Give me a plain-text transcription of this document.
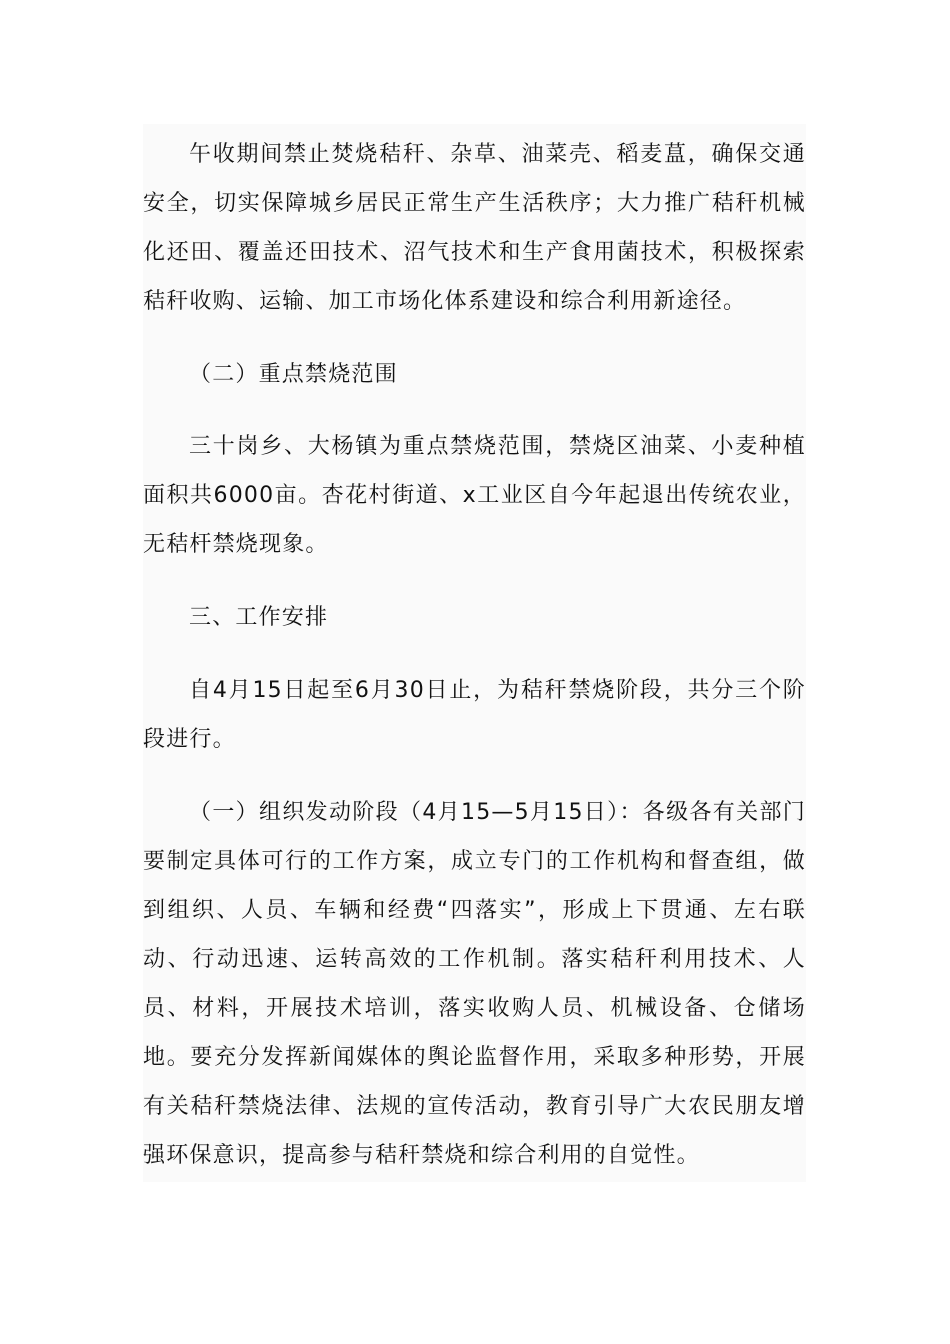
午收期间禁止焚烧秸秆、杂草、油菜壳、稻麦蒀，确保交通安全，切实保障城乡居民正常生产生活秩序；大力推广秸秆机械化还田、覆盖还田技术、沼气技术和生产食用菌技术，积极探索秸秆收购、运输、加工市场化体系建设和综合利用新途径。

（二）重点禁烧范围

三十岗乡、大杨镇为重点禁烧范围，禁烧区油菜、小麦种植面积共6000亩。杏花村街道、x工业区自今年起退出传统农业，无秸杆禁烧现象。

三、工作安排

自4月15日起至6月30日止，为秸秆禁烧阶段，共分三个阶段进行。

（一）组织发动阶段（4月15—5月15日）：各级各有关部门要制定具体可行的工作方案，成立专门的工作机构和督查组，做到组织、人员、车辆和经费“四落实”，形成上下贯通、左右联动、行动迅速、运转高效的工作机制。落实秸秆利用技术、人员、材料，开展技术培训，落实收购人员、机械设备、仓储场地。要充分发挥新闻媒体的舆论监督作用，采取多种形势，开展有关秸秆禁烧法律、法规的宣传活动，教育引导广大农民朋友增强环保意识，提高参与秸秆禁烧和综合利用的自觉性。
